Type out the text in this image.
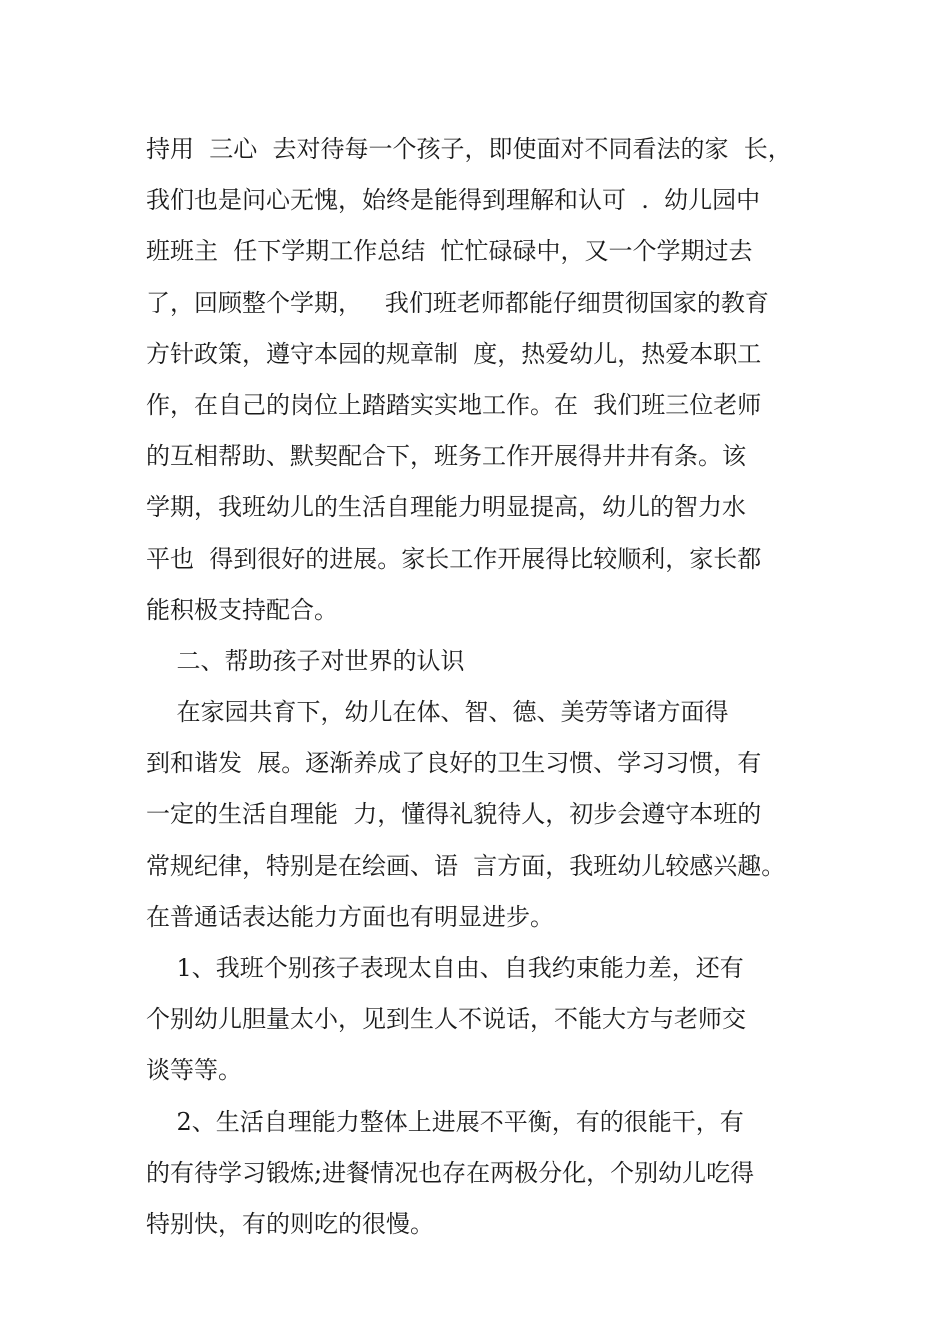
持用  三心  去对待每一个孩子，即使面对不同看法的家  长，
我们也是问心无愧，始终是能得到理解和认可  .  幼儿园中
班班主  任下学期工作总结  忙忙碌碌中，又一个学期过去
了，回顾整个学期，   我们班老师都能仔细贯彻国家的教育
方针政策，遵守本园的规章制  度，热爱幼儿，热爱本职工
作，在自己的岗位上踏踏实实地工作。在  我们班三位老师
的互相帮助、默契配合下，班务工作开展得井井有条。该
学期，我班幼儿的生活自理能力明显提高，幼儿的智力水
平也  得到很好的进展。家长工作开展得比较顺利，家长都
能积极支持配合。
二、帮助孩子对世界的认识
在家园共育下，幼儿在体、智、德、美劳等诸方面得
到和谐发  展。逐渐养成了良好的卫生习惯、学习习惯，有
一定的生活自理能  力，懂得礼貌待人，初步会遵守本班的
常规纪律，特别是在绘画、语  言方面，我班幼儿较感兴趣。
在普通话表达能力方面也有明显进步。
1、我班个别孩子表现太自由、自我约束能力差，还有
个别幼儿胆量太小，见到生人不说话，不能大方与老师交
谈等等。
2、生活自理能力整体上进展不平衡，有的很能干，有
的有待学习锻炼;进餐情况也存在两极分化，个别幼儿吃得
特别快，有的则吃的很慢。
